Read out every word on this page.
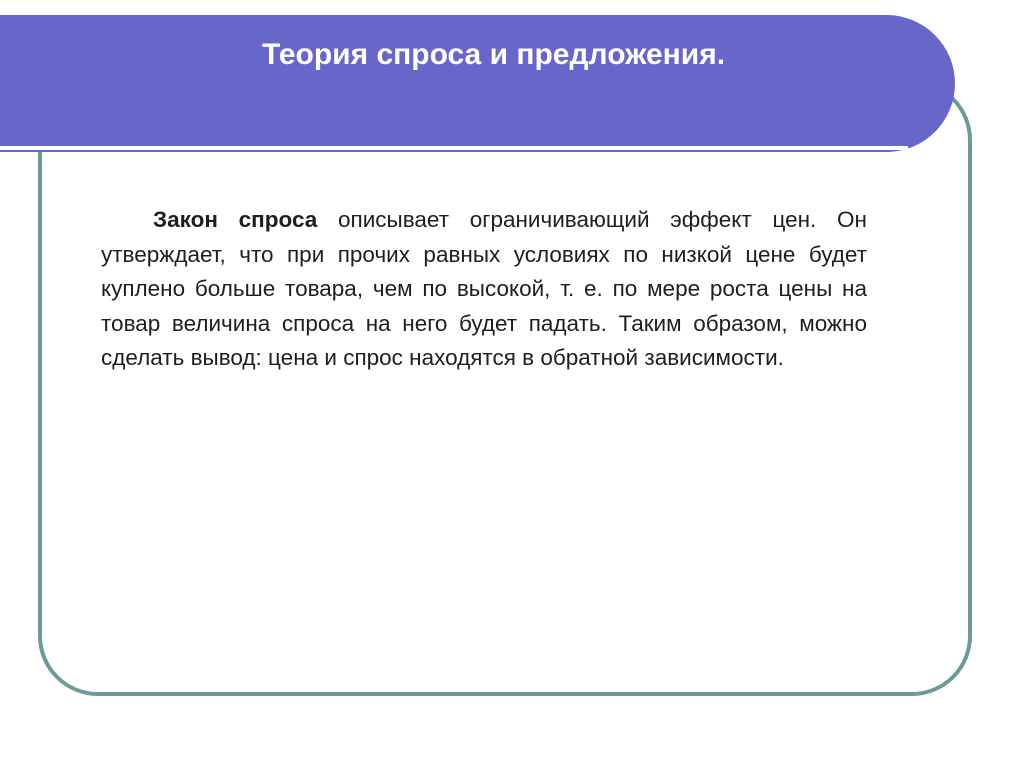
Теория спроса и предложения.

Закон спроса описывает ограничивающий эффект цен. Он утверждает, что при прочих равных условиях по низкой цене будет куплено больше товара, чем по высокой, т. е. по мере роста цены на товар величина спроса на него будет падать. Таким образом, можно сделать вывод: цена и спрос находятся в обратной зависимости.
